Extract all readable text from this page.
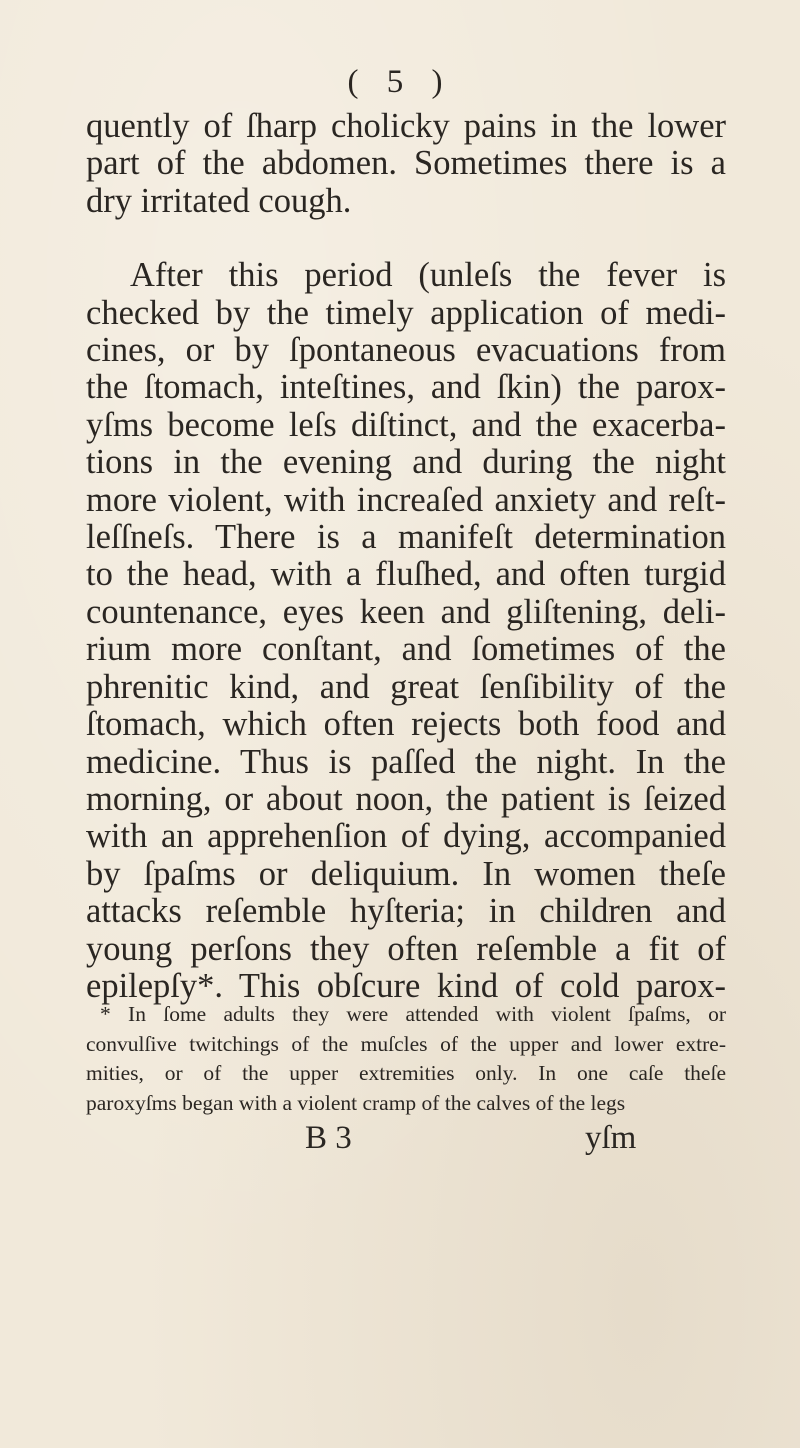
( 5 )
quently of ſharp cholicky pains in the lower
part of the abdomen. Sometimes there is a
dry irritated cough.
After this period (unleſs the fever is
checked by the timely application of medi-
cines, or by ſpontaneous evacuations from
the ſtomach, inteſtines, and ſkin) the parox-
yſms become leſs diſtinct, and the exacerba-
tions in the evening and during the night
more violent, with increaſed anxiety and reſt-
leſſneſs. There is a manifeſt determination
to the head, with a fluſhed, and often turgid
countenance, eyes keen and gliſtening, deli-
rium more conſtant, and ſometimes of the
phrenitic kind, and great ſenſibility of the
ſtomach, which often rejects both food and
medicine. Thus is paſſed the night. In the
morning, or about noon, the patient is ſeized
with an apprehenſion of dying, accompanied
by ſpaſms or deliquium. In women theſe
attacks reſemble hyſteria; in children and
young perſons they often reſemble a fit of
epilepſy*. This obſcure kind of cold parox-
* In ſome adults they were attended with violent ſpaſms, or
convulſive twitchings of the muſcles of the upper and lower extre-
mities, or of the upper extremities only. In one caſe theſe
paroxyſms began with a violent cramp of the calves of the legs
B 3	yſm
